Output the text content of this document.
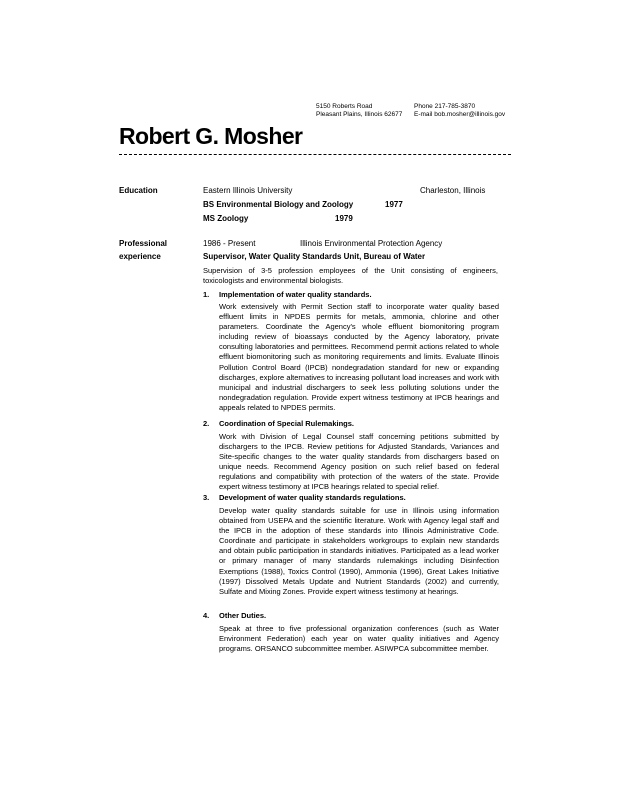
5150 Roberts Road
Pleasant Plains, Illinois 62677
Phone 217-785-3870
E-mail bob.mosher@illinois.gov
Robert G. Mosher
Education	Eastern Illinois University	Charleston, Illinois
BS Environmental Biology and Zoology	1977
MS Zoology	1979
Professional
experience
1986 - Present	Illinois Environmental Protection Agency
Supervisor, Water Quality Standards Unit, Bureau of Water

Supervision of 3-5 profession employees of the Unit consisting of engineers, toxicologists and environmental biologists.

1. Implementation of water quality standards.

Work extensively with Permit Section staff to incorporate water quality based effluent limits in NPDES permits for metals, ammonia, chlorine and other parameters. Coordinate the Agency's whole effluent biomonitoring program including review of bioassays conducted by the Agency laboratory, private consulting laboratories and permittees. Recommend permit actions related to whole effluent biomonitoring such as monitoring requirements and limits. Evaluate Illinois Pollution Control Board (IPCB) nondegradation standard for new or expanding discharges, explore alternatives to increasing pollutant load increases and work with municipal and industrial dischargers to seek less polluting solutions under the nondegradation regulation. Provide expert witness testimony at IPCB hearings and appeals related to NPDES permits.

2. Coordination of Special Rulemakings.

Work with Division of Legal Counsel staff concerning petitions submitted by dischargers to the IPCB. Review petitions for Adjusted Standards, Variances and Site-specific changes to the water quality standards from dischargers based on unique needs. Recommend Agency position on such relief based on federal regulations and compatibility with protection of the waters of the state. Provide expert witness testimony at IPCB hearings related to special relief.

3. Development of water quality standards regulations.

Develop water quality standards suitable for use in Illinois using information obtained from USEPA and the scientific literature. Work with Agency legal staff and the IPCB in the adoption of these standards into Illinois Administrative Code. Coordinate and participate in stakeholders workgroups to explain new standards and obtain public participation in standards initiatives. Participated as a lead worker or primary manager of many standards rulemakings including Disinfection Exemptions (1988), Toxics Control (1990), Ammonia (1996), Great Lakes Initiative (1997) Dissolved Metals Update and Nutrient Standards (2002) and currently, Sulfate and Mixing Zones. Provide expert witness testimony at hearings.

4. Other Duties.

Speak at three to five professional organization conferences (such as Water Environment Federation) each year on water quality initiatives and Agency programs. ORSANCO subcommittee member. ASIWPCA subcommittee member.
